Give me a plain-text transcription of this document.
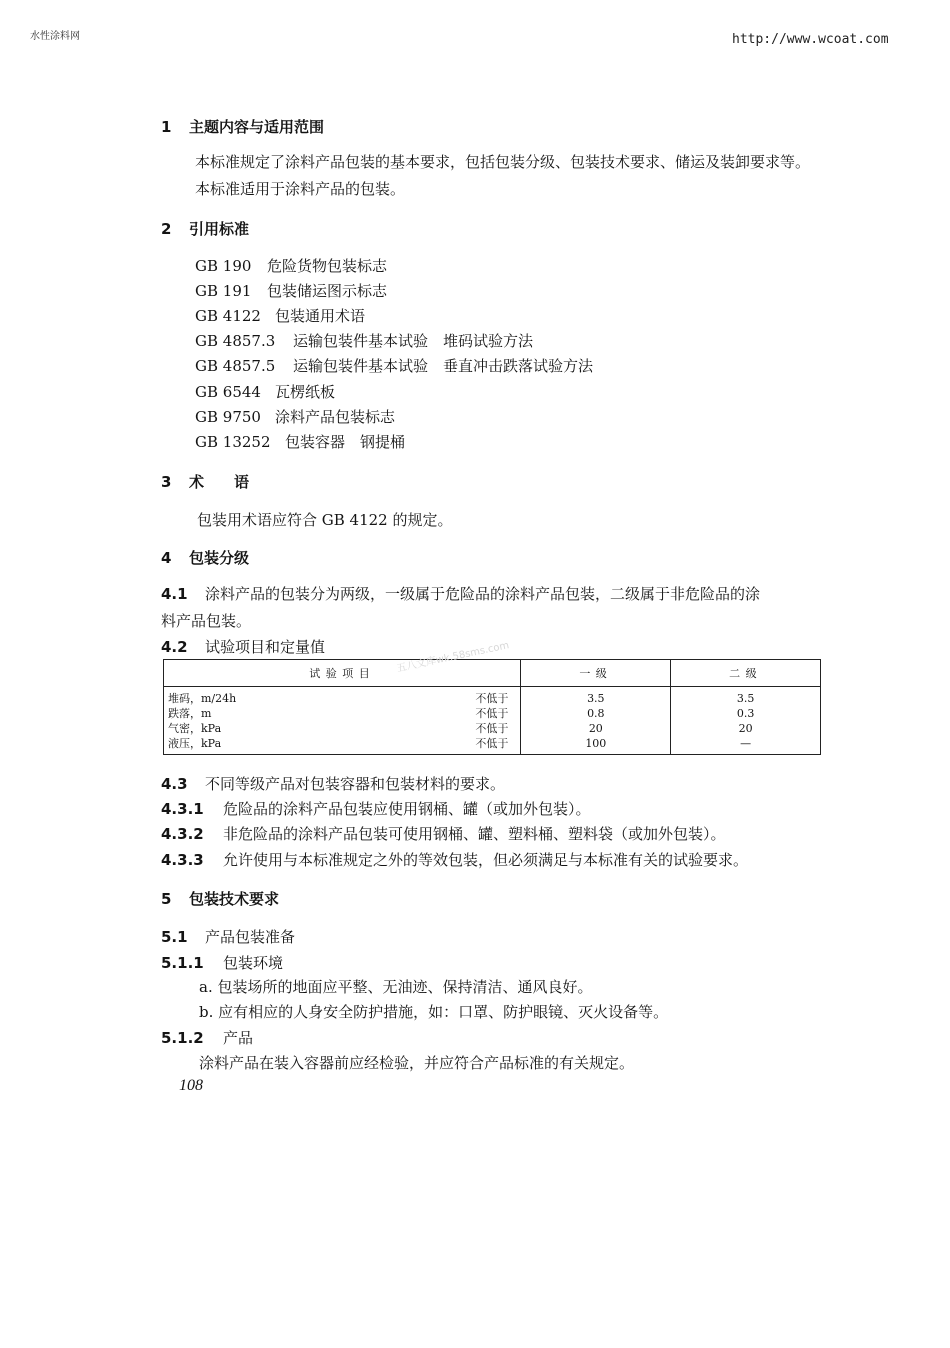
水性涂料网	http://www.wcoat.com
1 主题内容与适用范围
本标准规定了涂料产品包装的基本要求，包括包装分级、包装技术要求、储运及装卸要求等。
本标准适用于涂料产品的包装。
2 引用标准
GB 190 危险货物包装标志
GB 191 包装储运图示标志
GB 4122 包装通用术语
GB 4857.3 运输包装件基本试验　堆码试验方法
GB 4857.5 运输包装件基本试验　垂直冲击跌落试验方法
GB 6544 瓦楞纸板
GB 9750 涂料产品包装标志
GB 13252 包装容器　钢提桶
3 术　　语
包装用术语应符合 GB 4122 的规定。
4 包装分级
4.1 涂料产品的包装分为两级，一级属于危险品的涂料产品包装，二级属于非危险品的涂
料产品包装。
4.2 试验项目和定量值
试验项目	一级	二级

堆码，m/24h 不低于	3.5	3.5

跌落，m 不低于	0.8	0.3

气密，kPa 不低于	20	20

液压，kPa 不低于	100	—
五八文库wk.58sms.com
4.3 不同等级产品对包装容器和包装材料的要求。
4.3.1 危险品的涂料产品包装应使用钢桶、罐（或加外包装）。
4.3.2 非危险品的涂料产品包装可使用钢桶、罐、塑料桶、塑料袋（或加外包装）。
4.3.3 允许使用与本标准规定之外的等效包装，但必须满足与本标准有关的试验要求。
5 包装技术要求
5.1 产品包装准备
5.1.1 包装环境
a. 包装场所的地面应平整、无油迹、保持清洁、通风良好。
b. 应有相应的人身安全防护措施，如：口罩、防护眼镜、灭火设备等。
5.1.2 产品
涂料产品在装入容器前应经检验，并应符合产品标准的有关规定。
108
